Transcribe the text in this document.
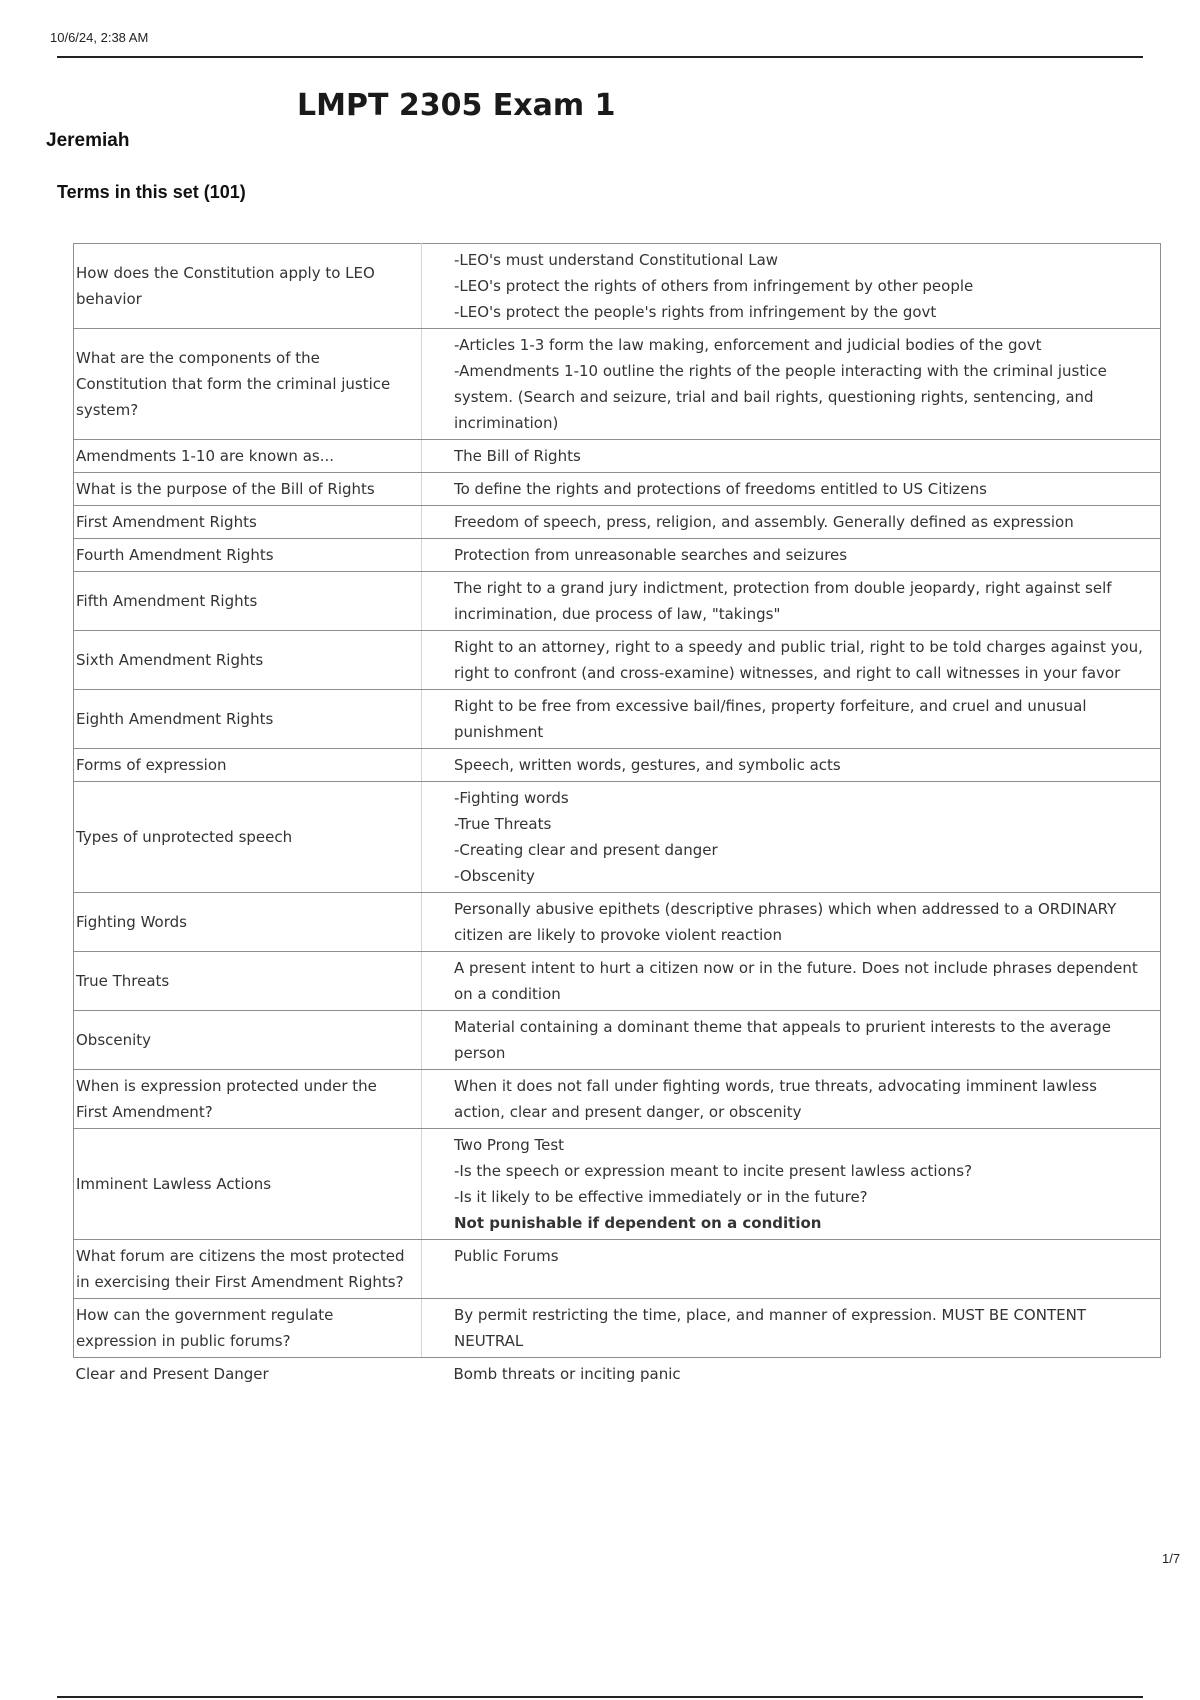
10/6/24, 2:38 AM
LMPT 2305 Exam 1
Jeremiah
Terms in this set (101)
How does the Constitution apply to LEO behavior	-LEO's must understand Constitutional Law
-LEO's protect the rights of others from infringement by other people
-LEO's protect the people's rights from infringement by the govt

What are the components of the Constitution that form the criminal justice system?	-Articles 1-3 form the law making, enforcement and judicial bodies of the govt
-Amendments 1-10 outline the rights of the people interacting with the criminal justice system. (Search and seizure, trial and bail rights, questioning rights, sentencing, and incrimination)

Amendments 1-10 are known as...	The Bill of Rights

What is the purpose of the Bill of Rights	To define the rights and protections of freedoms entitled to US Citizens

First Amendment Rights	Freedom of speech, press, religion, and assembly. Generally defined as expression

Fourth Amendment Rights	Protection from unreasonable searches and seizures

Fifth Amendment Rights	The right to a grand jury indictment, protection from double jeopardy, right against self incrimination, due process of law, "takings"

Sixth Amendment Rights	Right to an attorney, right to a speedy and public trial, right to be told charges against you, right to confront (and cross-examine) witnesses, and right to call witnesses in your favor

Eighth Amendment Rights	Right to be free from excessive bail/fines, property forfeiture, and cruel and unusual punishment

Forms of expression	Speech, written words, gestures, and symbolic acts

Types of unprotected speech	-Fighting words
-True Threats
-Creating clear and present danger
-Obscenity

Fighting Words	Personally abusive epithets (descriptive phrases) which when addressed to a ORDINARY citizen are likely to provoke violent reaction

True Threats	A present intent to hurt a citizen now or in the future. Does not include phrases dependent on a condition

Obscenity	Material containing a dominant theme that appeals to prurient interests to the average person

When is expression protected under the First Amendment?	When it does not fall under fighting words, true threats, advocating imminent lawless action, clear and present danger, or obscenity

Imminent Lawless Actions	Two Prong Test
-Is the speech or expression meant to incite present lawless actions?
-Is it likely to be effective immediately or in the future?
Not punishable if dependent on a condition

What forum are citizens the most protected in exercising their First Amendment Rights?	Public Forums

How can the government regulate expression in public forums?	By permit restricting the time, place, and manner of expression. MUST BE CONTENT NEUTRAL

Clear and Present Danger	Bomb threats or inciting panic
1/7
